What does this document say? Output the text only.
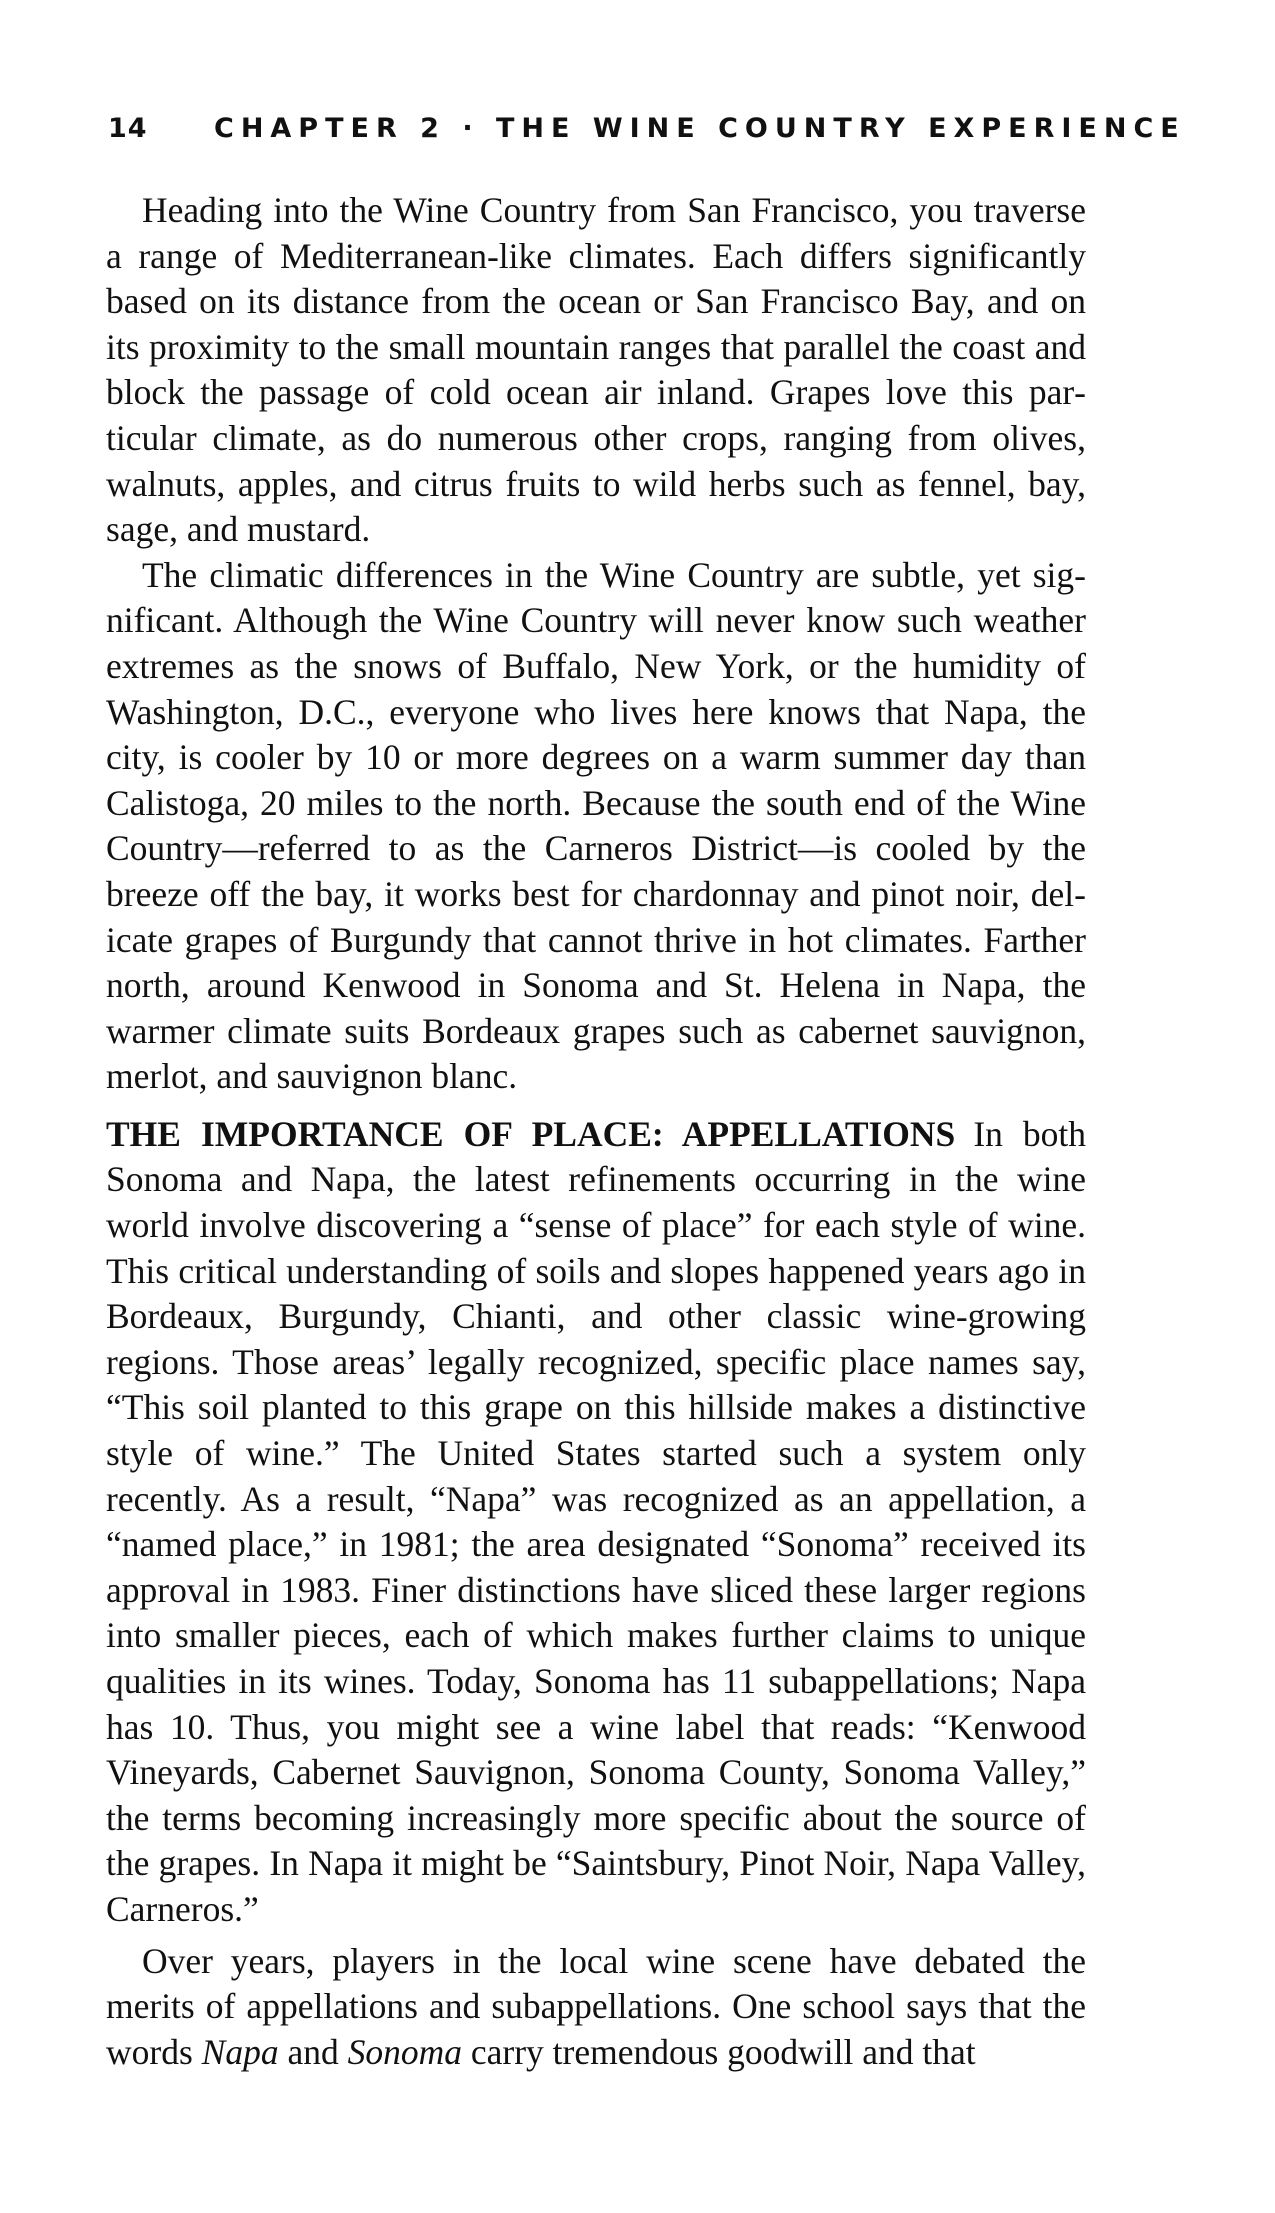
14 CHAPTER 2 · THE WINE COUNTRY EXPERIENCE

Heading into the Wine Country from San Francisco, you traverse a range of Mediterranean-like climates. Each differs significantly based on its distance from the ocean or San Francisco Bay, and on its proximity to the small mountain ranges that parallel the coast and block the passage of cold ocean air inland. Grapes love this particular climate, as do numerous other crops, ranging from olives, walnuts, apples, and citrus fruits to wild herbs such as fennel, bay, sage, and mustard.

The climatic differences in the Wine Country are subtle, yet significant. Although the Wine Country will never know such weather extremes as the snows of Buffalo, New York, or the humidity of Washington, D.C., everyone who lives here knows that Napa, the city, is cooler by 10 or more degrees on a warm summer day than Calistoga, 20 miles to the north. Because the south end of the Wine Country—referred to as the Carneros District—is cooled by the breeze off the bay, it works best for chardonnay and pinot noir, delicate grapes of Burgundy that cannot thrive in hot climates. Farther north, around Kenwood in Sonoma and St. Helena in Napa, the warmer climate suits Bordeaux grapes such as cabernet sauvignon, merlot, and sauvignon blanc.

THE IMPORTANCE OF PLACE: APPELLATIONS In both Sonoma and Napa, the latest refinements occurring in the wine world involve discovering a “sense of place” for each style of wine. This critical understanding of soils and slopes happened years ago in Bordeaux, Burgundy, Chianti, and other classic wine-growing regions. Those areas’ legally recognized, specific place names say, “This soil planted to this grape on this hillside makes a distinctive style of wine.” The United States started such a system only recently. As a result, “Napa” was recognized as an appellation, a “named place,” in 1981; the area designated “Sonoma” received its approval in 1983. Finer distinctions have sliced these larger regions into smaller pieces, each of which makes further claims to unique qualities in its wines. Today, Sonoma has 11 subappellations; Napa has 10. Thus, you might see a wine label that reads: “Kenwood Vineyards, Cabernet Sauvignon, Sonoma County, Sonoma Valley,” the terms becoming increasingly more specific about the source of the grapes. In Napa it might be “Saintsbury, Pinot Noir, Napa Valley, Carneros.”

Over years, players in the local wine scene have debated the merits of appellations and subappellations. One school says that the words Napa and Sonoma carry tremendous goodwill and that
